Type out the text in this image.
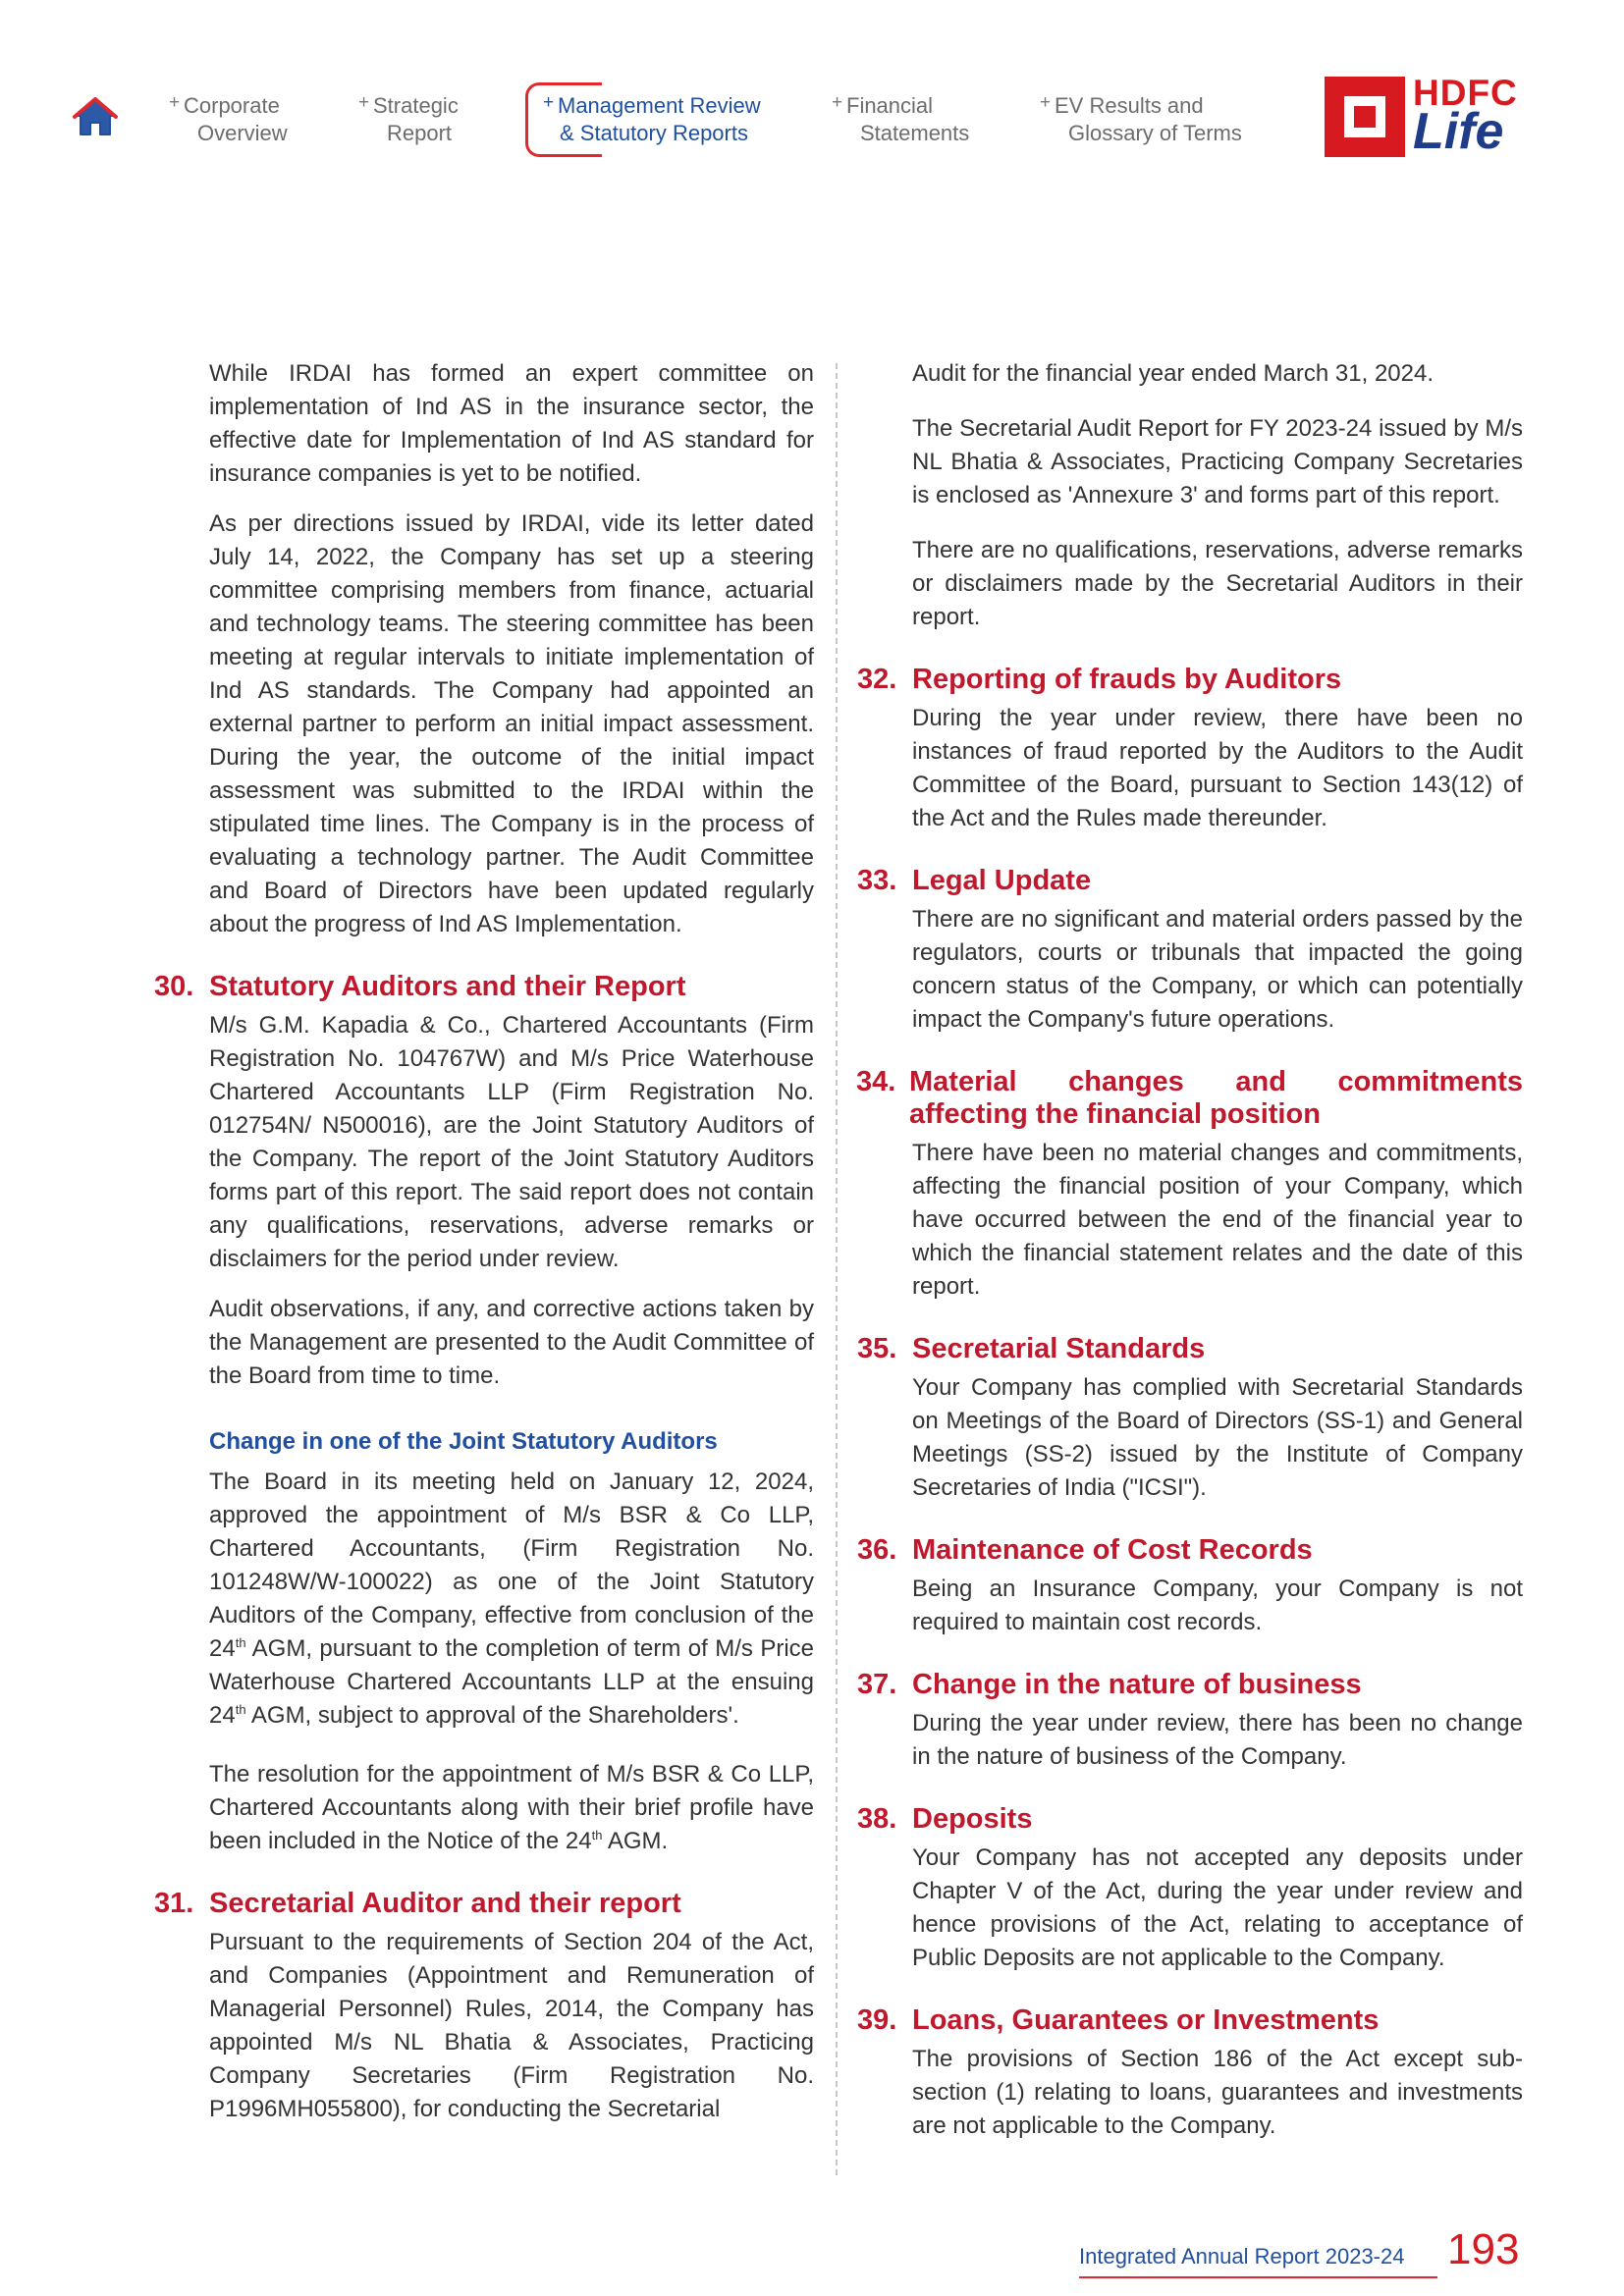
+ Corporate
Overview
+ Strategic
Report
+ Management Review
& Statutory Reports
+ Financial
Statements
+ EV Results and
Glossary of Terms
HDFC
Life

While IRDAI has formed an expert committee on implementation of Ind AS in the insurance sector, the effective date for Implementation of Ind AS standard for insurance companies is yet to be notified.

As per directions issued by IRDAI, vide its letter dated July 14, 2022, the Company has set up a steering committee comprising members from finance, actuarial and technology teams. The steering committee has been meeting at regular intervals to initiate implementation of Ind AS standards. The Company had appointed an external partner to perform an initial impact assessment. During the year, the outcome of the initial impact assessment was submitted to the IRDAI within the stipulated time lines. The Company is in the process of evaluating a technology partner. The Audit Committee and Board of Directors have been updated regularly about the progress of Ind AS Implementation.

30. Statutory Auditors and their Report

M/s G.M. Kapadia & Co., Chartered Accountants (Firm Registration No. 104767W) and M/s Price Waterhouse Chartered Accountants LLP (Firm Registration No. 012754N/ N500016), are the Joint Statutory Auditors of the Company. The report of the Joint Statutory Auditors forms part of this report. The said report does not contain any qualifications, reservations, adverse remarks or disclaimers for the period under review.

Audit observations, if any, and corrective actions taken by the Management are presented to the Audit Committee of the Board from time to time.

Change in one of the Joint Statutory Auditors

The Board in its meeting held on January 12, 2024, approved the appointment of M/s BSR & Co LLP, Chartered Accountants, (Firm Registration No. 101248W/W-100022) as one of the Joint Statutory Auditors of the Company, effective from conclusion of the 24th AGM, pursuant to the completion of term of M/s Price Waterhouse Chartered Accountants LLP at the ensuing 24th AGM, subject to approval of the Shareholders'.

The resolution for the appointment of M/s BSR & Co LLP, Chartered Accountants along with their brief profile have been included in the Notice of the 24th AGM.

31. Secretarial Auditor and their report

Pursuant to the requirements of Section 204 of the Act, and Companies (Appointment and Remuneration of Managerial Personnel) Rules, 2014, the Company has appointed M/s NL Bhatia & Associates, Practicing Company Secretaries (Firm Registration No. P1996MH055800), for conducting the Secretarial

Audit for the financial year ended March 31, 2024.

The Secretarial Audit Report for FY 2023-24 issued by M/s NL Bhatia & Associates, Practicing Company Secretaries is enclosed as 'Annexure 3' and forms part of this report.

There are no qualifications, reservations, adverse remarks or disclaimers made by the Secretarial Auditors in their report.

32. Reporting of frauds by Auditors

During the year under review, there have been no instances of fraud reported by the Auditors to the Audit Committee of the Board, pursuant to Section 143(12) of the Act and the Rules made thereunder.

33. Legal Update

There are no significant and material orders passed by the regulators, courts or tribunals that impacted the going concern status of the Company, or which can potentially impact the Company's future operations.

34. Material changes and commitments
affecting the financial position

There have been no material changes and commitments, affecting the financial position of your Company, which have occurred between the end of the financial year to which the financial statement relates and the date of this report.

35. Secretarial Standards

Your Company has complied with Secretarial Standards on Meetings of the Board of Directors (SS-1) and General Meetings (SS-2) issued by the Institute of Company Secretaries of India ("ICSI").

36. Maintenance of Cost Records

Being an Insurance Company, your Company is not required to maintain cost records.

37. Change in the nature of business

During the year under review, there has been no change in the nature of business of the Company.

38. Deposits

Your Company has not accepted any deposits under Chapter V of the Act, during the year under review and hence provisions of the Act, relating to acceptance of Public Deposits are not applicable to the Company.

39. Loans, Guarantees or Investments

The provisions of Section 186 of the Act except sub-section (1) relating to loans, guarantees and investments are not applicable to the Company.

Integrated Annual Report 2023-24 193
